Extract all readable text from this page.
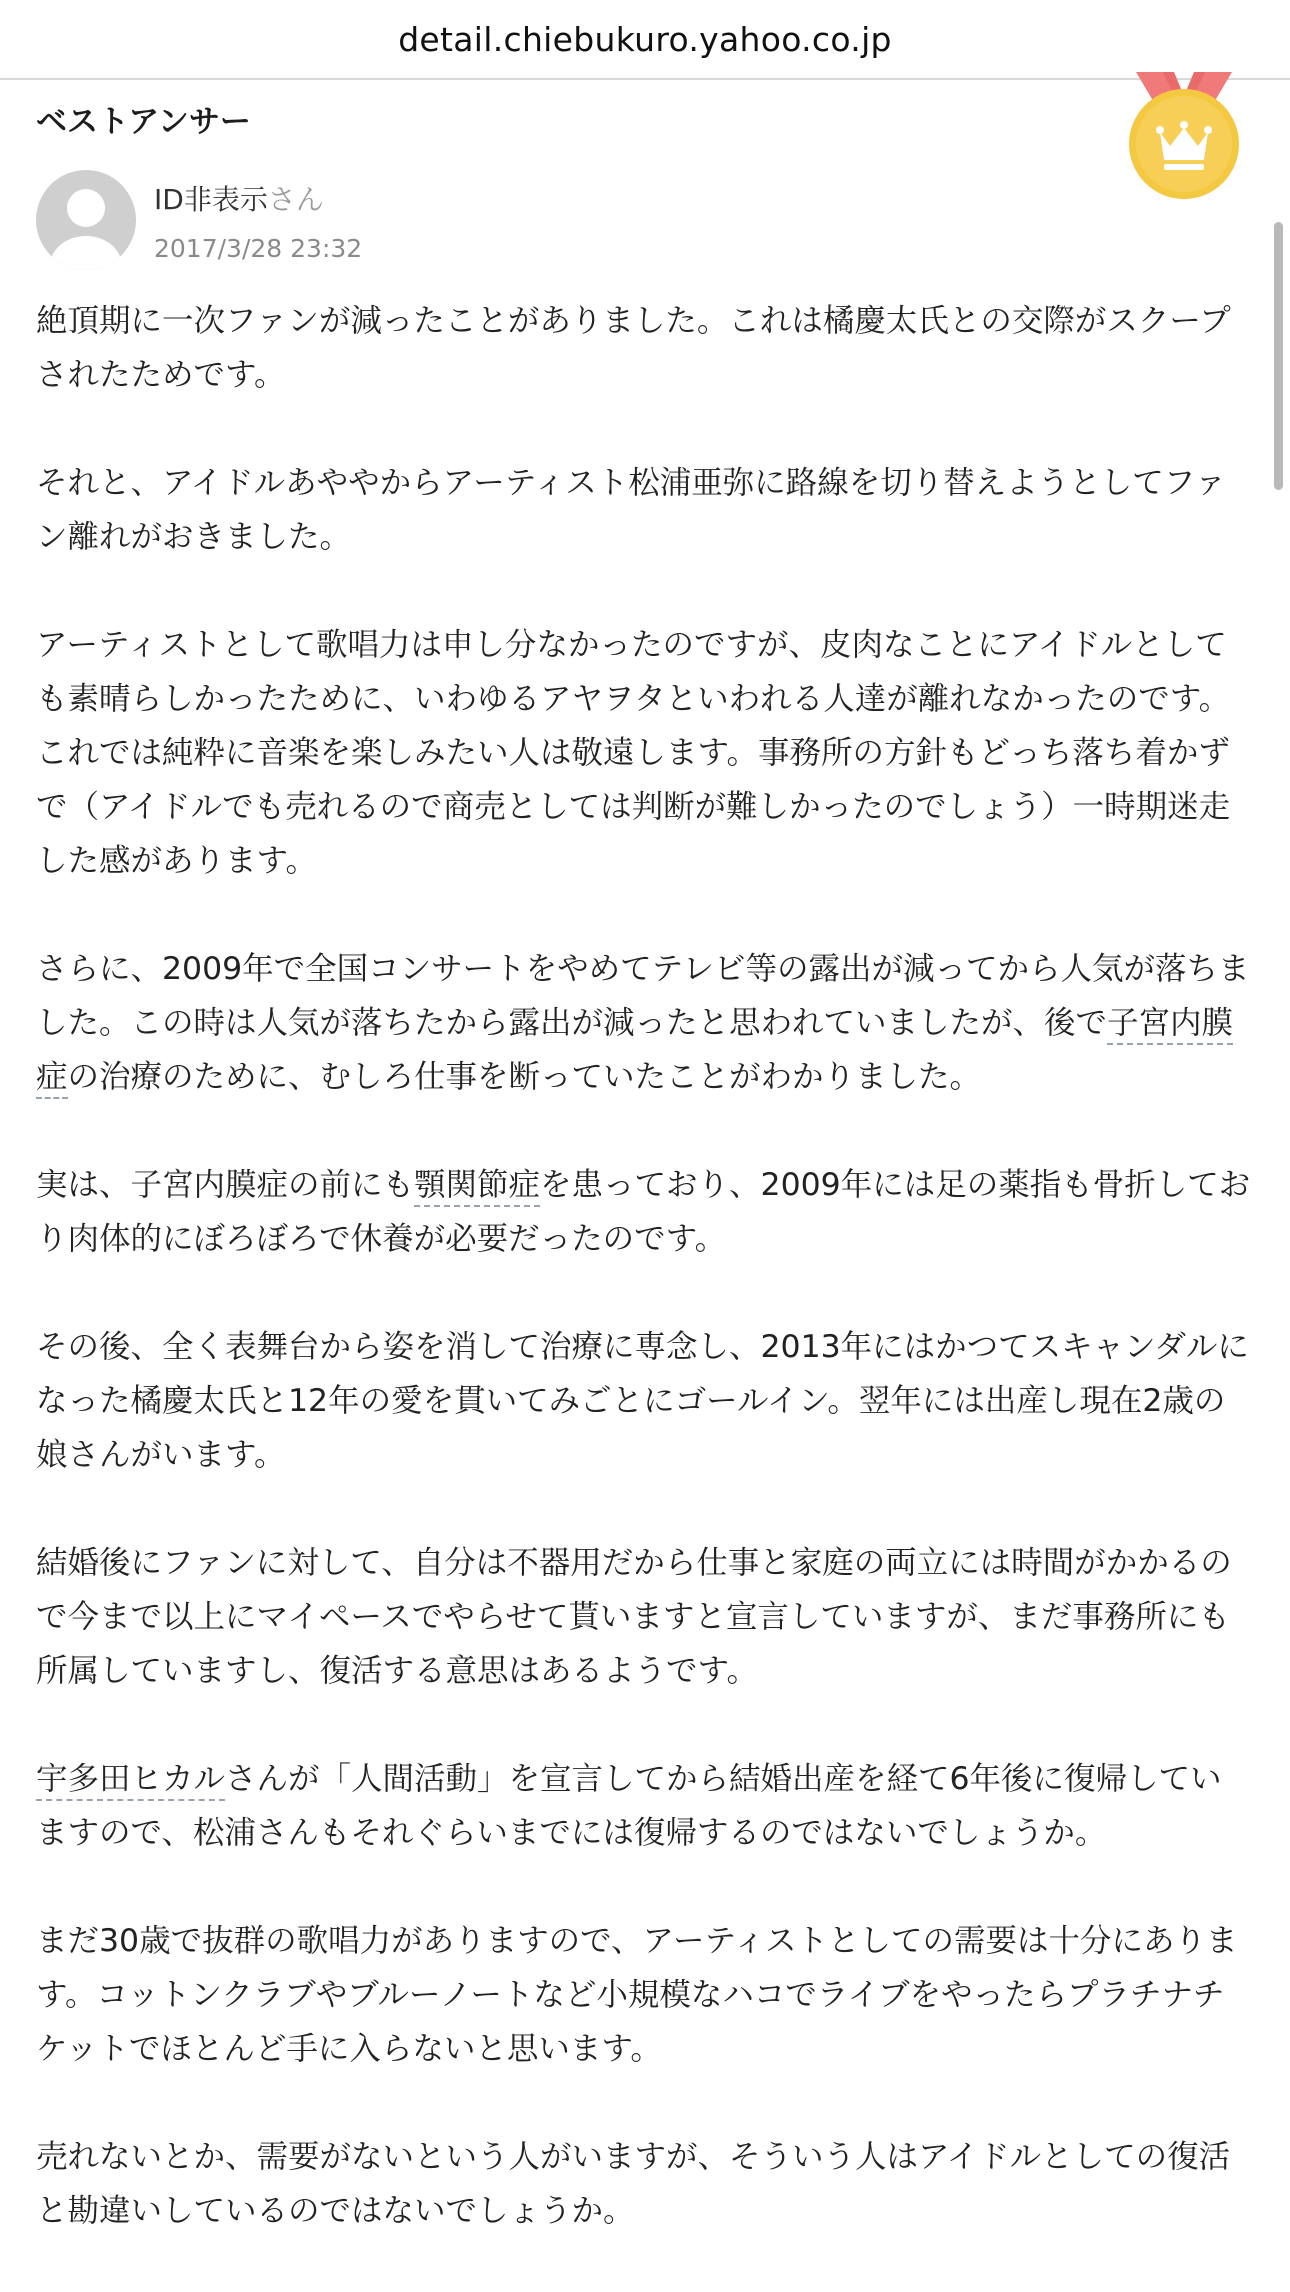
detail.chiebukuro.yahoo.co.jp
ベストアンサー
ID非表示さん
2017/3/28 23:32

絶頂期に一次ファンが減ったことがありました。これは橘慶太氏との交際がスクープされたためです。

それと、アイドルあややからアーティスト松浦亜弥に路線を切り替えようとしてファン離れがおきました。

アーティストとして歌唱力は申し分なかったのですが、皮肉なことにアイドルとしても素晴らしかったために、いわゆるアヤヲタといわれる人達が離れなかったのです。これでは純粋に音楽を楽しみたい人は敬遠します。事務所の方針もどっち落ち着かずで（アイドルでも売れるので商売としては判断が難しかったのでしょう）一時期迷走した感があります。

さらに、2009年で全国コンサートをやめてテレビ等の露出が減ってから人気が落ちました。この時は人気が落ちたから露出が減ったと思われていましたが、後で子宮内膜症の治療のために、むしろ仕事を断っていたことがわかりました。

実は、子宮内膜症の前にも顎関節症を患っており、2009年には足の薬指も骨折しており肉体的にぼろぼろで休養が必要だったのです。

その後、全く表舞台から姿を消して治療に専念し、2013年にはかつてスキャンダルになった橘慶太氏と12年の愛を貫いてみごとにゴールイン。翌年には出産し現在2歳の娘さんがいます。

結婚後にファンに対して、自分は不器用だから仕事と家庭の両立には時間がかかるので今まで以上にマイペースでやらせて貰いますと宣言していますが、まだ事務所にも所属していますし、復活する意思はあるようです。

宇多田ヒカルさんが「人間活動」を宣言してから結婚出産を経て6年後に復帰していますので、松浦さんもそれぐらいまでには復帰するのではないでしょうか。

まだ30歳で抜群の歌唱力がありますので、アーティストとしての需要は十分にあります。コットンクラブやブルーノートなど小規模なハコでライブをやったらプラチナチケットでほとんど手に入らないと思います。

売れないとか、需要がないという人がいますが、そういう人はアイドルとしての復活と勘違いしているのではないでしょうか。
